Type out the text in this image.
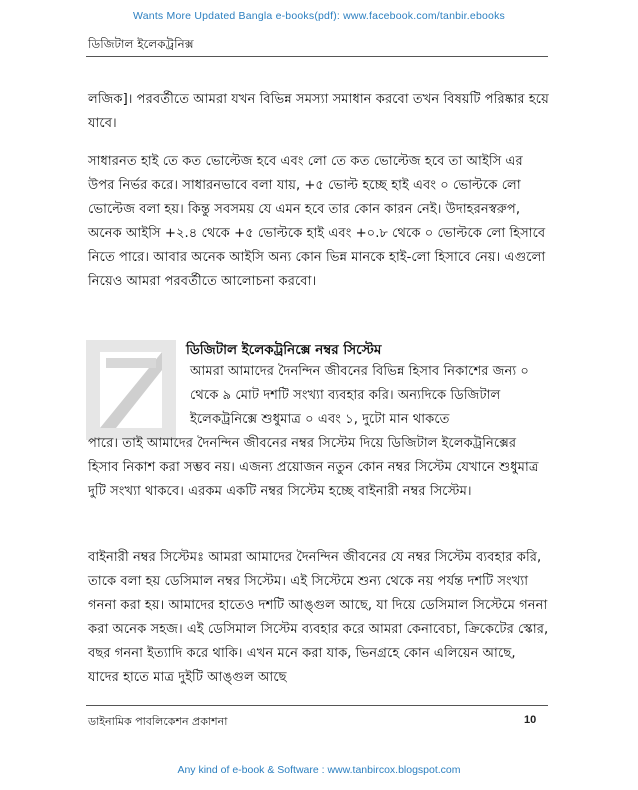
Wants More Updated Bangla e-books(pdf): www.facebook.com/tanbir.ebooks
ডিজিটাল ইলেকট্রনিক্স

লজিক]। পরবর্তীতে আমরা যখন বিভিন্ন সমস্যা সমাধান করবো তখন বিষয়টি পরিষ্কার হয়ে যাবে।

সাধারনত হাই তে কত ভোল্টেজ হবে এবং লো তে কত ভোল্টেজ হবে তা আইসি এর উপর নির্ভর করে। সাধারনভাবে বলা যায়, +৫ ভোল্ট হচ্ছে হাই এবং ০ ভোল্টকে লো ভোল্টেজ বলা হয়। কিন্তু সবসময় যে এমন হবে তার কোন কারন নেই। উদাহরনস্বরুপ, অনেক আইসি +২.৪ থেকে +৫ ভোল্টকে হাই এবং +০.৮ থেকে ০ ভোল্টকে লো হিসাবে নিতে পারে। আবার অনেক আইসি অন্য কোন ভিন্ন মানকে হাই-লো হিসাবে নেয়। এগুলো নিয়েও আমরা পরবর্তীতে আলোচনা করবো।

ডিজিটাল ইলেকট্রনিক্সে নম্বর সিস্টেম

আমরা আমাদের দৈনন্দিন জীবনের বিভিন্ন হিসাব নিকাশের জন্য ০ থেকে ৯ মোট দশটি সংখ্যা ব্যবহার করি। অন্যদিকে ডিজিটাল ইলেকট্রনিক্সে শুধুমাত্র ০ এবং ১, দুটো মান থাকতে
পারে। তাই আমাদের দৈনন্দিন জীবনের নম্বর সিস্টেম দিয়ে ডিজিটাল ইলেকট্রনিক্সের হিসাব নিকাশ করা সম্ভব নয়। এজন্য প্রয়োজন নতুন কোন নম্বর সিস্টেম যেখানে শুধুমাত্র দুটি সংখ্যা থাকবে। এরকম একটি নম্বর সিস্টেম হচ্ছে বাইনারী নম্বর সিস্টেম।

বাইনারী নম্বর সিস্টেমঃ আমরা আমাদের দৈনন্দিন জীবনের যে নম্বর সিস্টেম ব্যবহার করি, তাকে বলা হয় ডেসিমাল নম্বর সিস্টেম। এই সিস্টেমে শুন্য থেকে নয় পর্যন্ত দশটি সংখ্যা গননা করা হয়। আমাদের হাতেও দশটি আঙ্গুল আছে, যা দিয়ে ডেসিমাল সিস্টেমে গননা করা অনেক সহজ। এই ডেসিমাল সিস্টেম ব্যবহার করে আমরা কেনাবেচা, ক্রিকেটের স্কোর, বছর গননা ইত্যাদি করে থাকি। এখন মনে করা যাক, ভিনগ্রহে কোন এলিয়েন আছে, যাদের হাতে মাত্র দুইটি আঙ্গুল আছে

ডাইনামিক পাবলিকেশন প্রকাশনা	10
Any kind of e-book & Software : www.tanbircox.blogspot.com
